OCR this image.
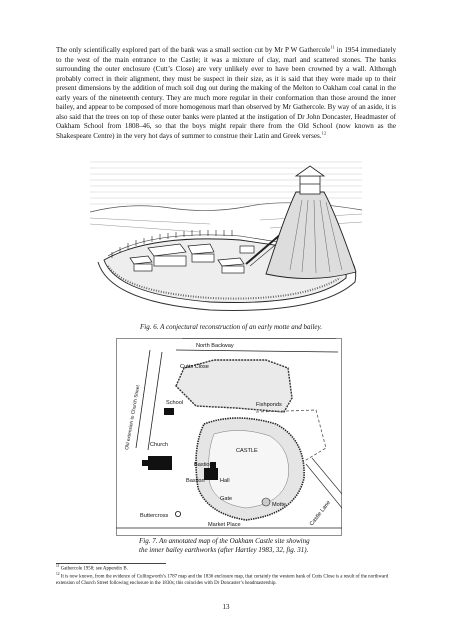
The only scientifically explored part of the bank was a small section cut by Mr P W Gathercole$^{11}$ in 1954 immediately to the west of the main entrance to the Castle; it was a mixture of clay, marl and scattered stones. The banks surrounding the outer enclosure (Cutt’s Close) are very unlikely ever to have been crowned by a wall. Although probably correct in their alignment, they must be suspect in their size, as it is said that they were made up to their present dimensions by the addition of much soil dug out during the making of the Melton to Oakham coal canal in the early years of the nineteenth century. They are much more regular in their conformation than those around the inner bailey, and appear to be composed of more homogenous marl than observed by Mr Gathercole. By way of an aside, it is also said that the trees on top of these outer banks were planted at the instigation of Dr John Doncaster, Headmaster of Oakham School from 1808–46, so that the boys might repair there from the Old School (now known as the Shakespeare Centre) in the very hot days of summer to construe their Latin and Greek verses.$^{12}$

Fig. 6. A conjectural reconstruction of an early motte and bailey.

North Backway
Cutts Close
Old extension to Church Street	School	Fishponds
Church
CASTLE
Bastion
Bastion	Hall
Gate
Motte
Buttercross
Market Place	Castle Lane

Fig. 7. An annotated map of the Oakham Castle site showing
the inner bailey earthworks (after Hartley 1983, 32, fig. 31).

$^{11}$ Gathercole 1958; see Appendix B.

$^{12}$ It is now known, from the evidence of Cullingworth’s 1787 map and the 1836 enclosure map, that certainly the western bank of Cutts Close is a result of the northward extension of Church Street following enclosure in the 1830s; this coincides with Dr Doncaster’s headmastership.

13
